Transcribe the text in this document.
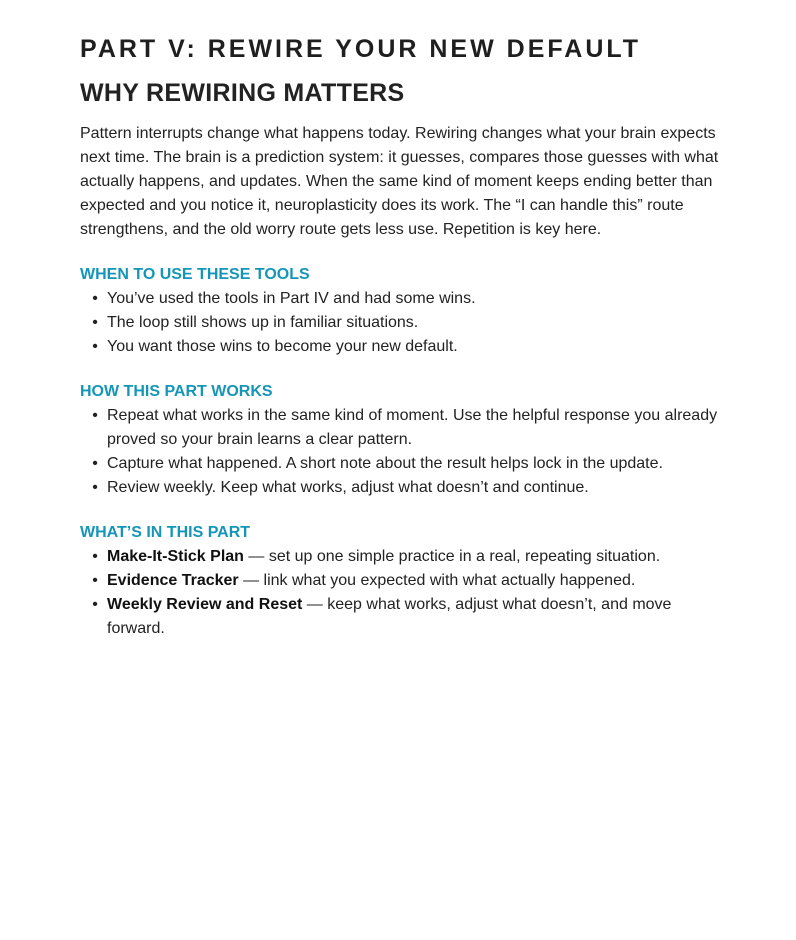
PART V: REWIRE YOUR NEW DEFAULT
WHY REWIRING MATTERS

Pattern interrupts change what happens today. Rewiring changes what your brain expects next time. The brain is a prediction system: it guesses, compares those guesses with what actually happens, and updates. When the same kind of moment keeps ending better than expected and you notice it, neuroplasticity does its work. The “I can handle this” route strengthens, and the old worry route gets less use. Repetition is key here.

WHEN TO USE THESE TOOLS
• You’ve used the tools in Part IV and had some wins.
• The loop still shows up in familiar situations.
• You want those wins to become your new default.
HOW THIS PART WORKS
• Repeat what works in the same kind of moment. Use the helpful response you already proved so your brain learns a clear pattern.
• Capture what happened. A short note about the result helps lock in the update.
• Review weekly. Keep what works, adjust what doesn’t and continue.
WHAT’S IN THIS PART
• Make-It-Stick Plan — set up one simple practice in a real, repeating situation.
• Evidence Tracker — link what you expected with what actually happened.
• Weekly Review and Reset — keep what works, adjust what doesn’t, and move forward.
